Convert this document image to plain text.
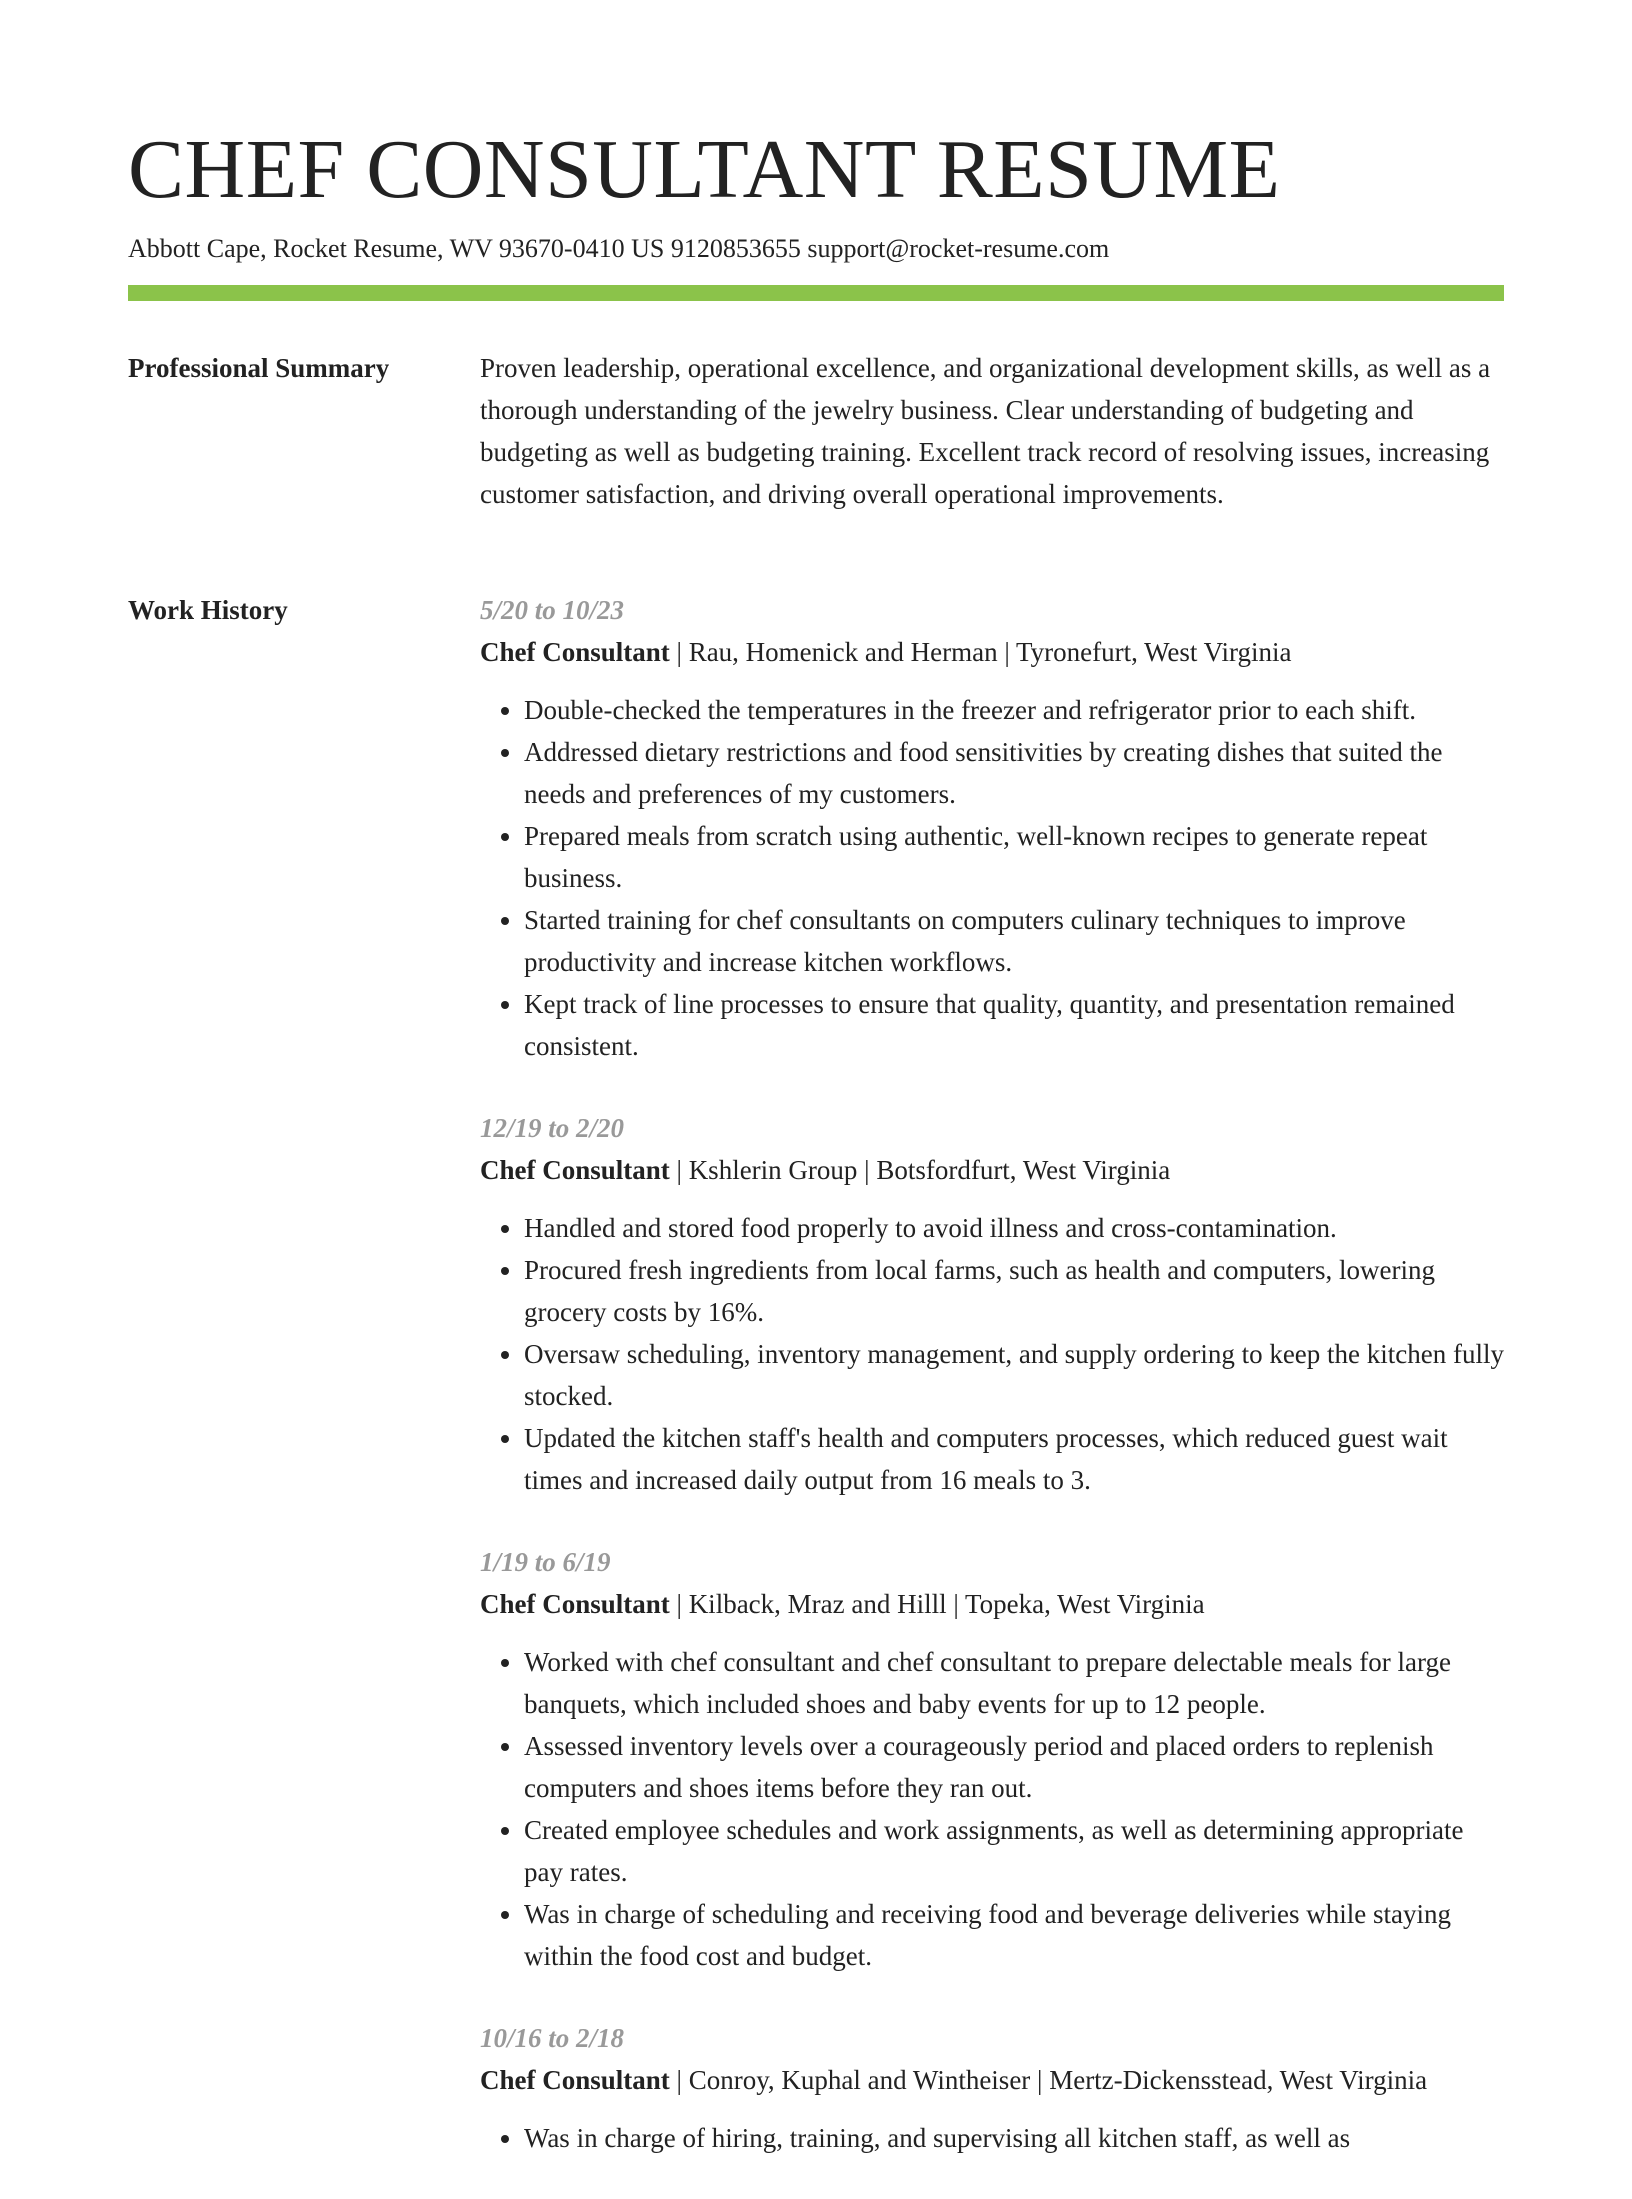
CHEF CONSULTANT RESUME
Abbott Cape, Rocket Resume, WV 93670-0410 US 9120853655 support@rocket-resume.com
Professional Summary	Proven leadership, operational excellence, and organizational development skills, as well as a thorough understanding of the jewelry business. Clear understanding of budgeting and budgeting as well as budgeting training. Excellent track record of resolving issues, increasing customer satisfaction, and driving overall operational improvements.

Work History	5/20 to 10/23
Chef Consultant | Rau, Homenick and Herman | Tyronefurt, West Virginia
• Double-checked the temperatures in the freezer and refrigerator prior to each shift.
• Addressed dietary restrictions and food sensitivities by creating dishes that suited the needs and preferences of my customers.
• Prepared meals from scratch using authentic, well-known recipes to generate repeat business.
• Started training for chef consultants on computers culinary techniques to improve productivity and increase kitchen workflows.
• Kept track of line processes to ensure that quality, quantity, and presentation remained consistent.
12/19 to 2/20
Chef Consultant | Kshlerin Group | Botsfordfurt, West Virginia
• Handled and stored food properly to avoid illness and cross-contamination.
• Procured fresh ingredients from local farms, such as health and computers, lowering grocery costs by 16%.
• Oversaw scheduling, inventory management, and supply ordering to keep the kitchen fully stocked.
• Updated the kitchen staff's health and computers processes, which reduced guest wait times and increased daily output from 16 meals to 3.
1/19 to 6/19
Chef Consultant | Kilback, Mraz and Hilll | Topeka, West Virginia
• Worked with chef consultant and chef consultant to prepare delectable meals for large banquets, which included shoes and baby events for up to 12 people.
• Assessed inventory levels over a courageously period and placed orders to replenish computers and shoes items before they ran out.
• Created employee schedules and work assignments, as well as determining appropriate pay rates.
• Was in charge of scheduling and receiving food and beverage deliveries while staying within the food cost and budget.
10/16 to 2/18
Chef Consultant | Conroy, Kuphal and Wintheiser | Mertz-Dickensstead, West Virginia
• Was in charge of hiring, training, and supervising all kitchen staff, as well as
